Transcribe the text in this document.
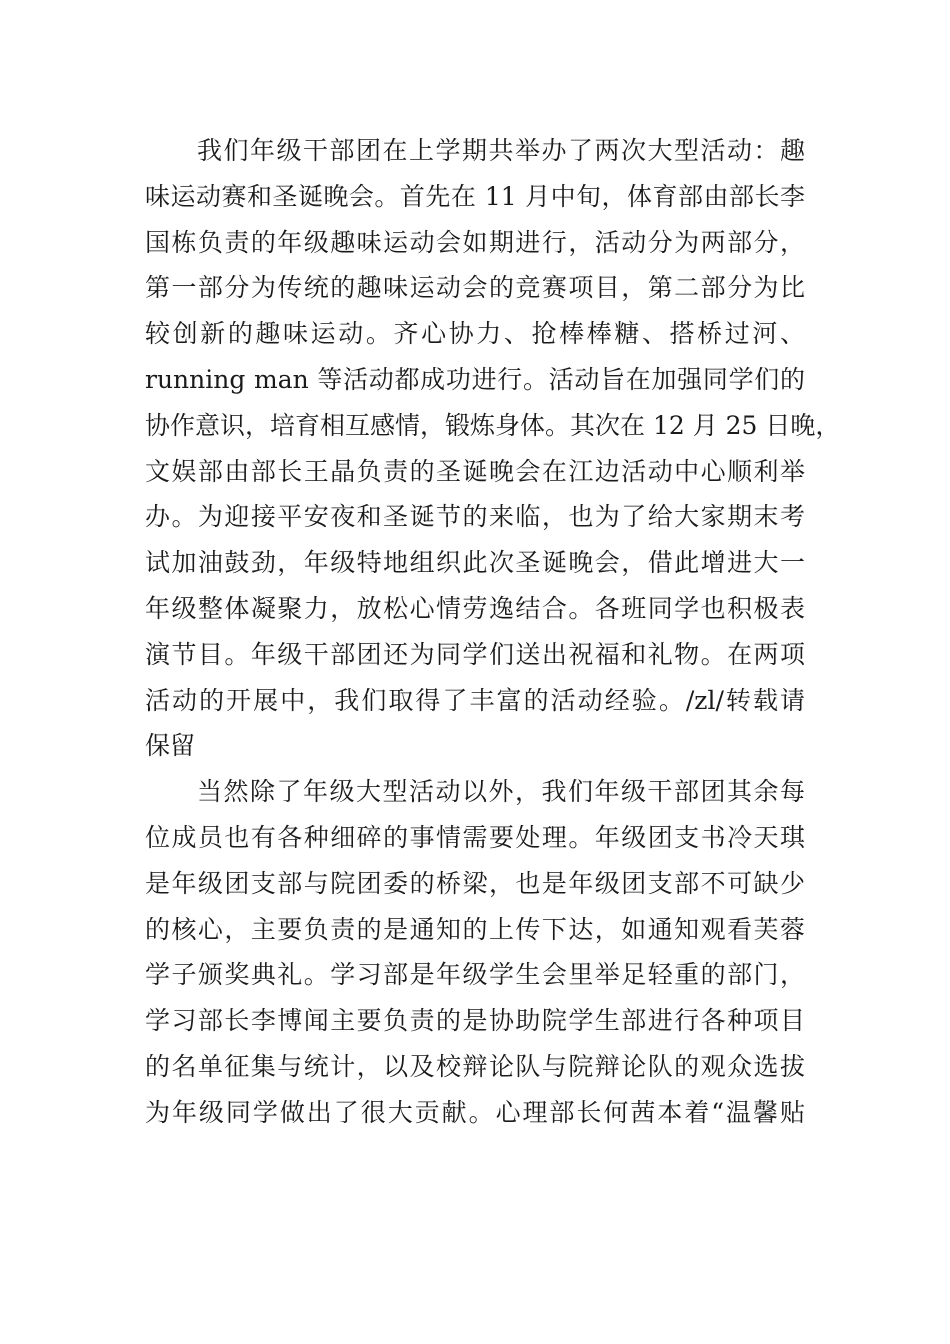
我们年级干部团在上学期共举办了两次大型活动：趣
味运动赛和圣诞晚会。首先在 11 月中旬，体育部由部长李
国栋负责的年级趣味运动会如期进行，活动分为两部分，
第一部分为传统的趣味运动会的竞赛项目，第二部分为比
较创新的趣味运动。齐心协力、抢棒棒糖、搭桥过河、
running man 等活动都成功进行。活动旨在加强同学们的
协作意识，培育相互感情，锻炼身体。其次在 12 月 25 日晚，
文娱部由部长王晶负责的圣诞晚会在江边活动中心顺利举
办。为迎接平安夜和圣诞节的来临，也为了给大家期末考
试加油鼓劲，年级特地组织此次圣诞晚会，借此增进大一
年级整体凝聚力，放松心情劳逸结合。各班同学也积极表
演节目。年级干部团还为同学们送出祝福和礼物。在两项
活动的开展中，我们取得了丰富的活动经验。/zl/转载请
保留
当然除了年级大型活动以外，我们年级干部团其余每
位成员也有各种细碎的事情需要处理。年级团支书冷天琪
是年级团支部与院团委的桥梁，也是年级团支部不可缺少
的核心，主要负责的是通知的上传下达，如通知观看芙蓉
学子颁奖典礼。学习部是年级学生会里举足轻重的部门，
学习部长李博闻主要负责的是协助院学生部进行各种项目
的名单征集与统计，以及校辩论队与院辩论队的观众选拔
为年级同学做出了很大贡献。心理部长何茜本着“温馨贴
